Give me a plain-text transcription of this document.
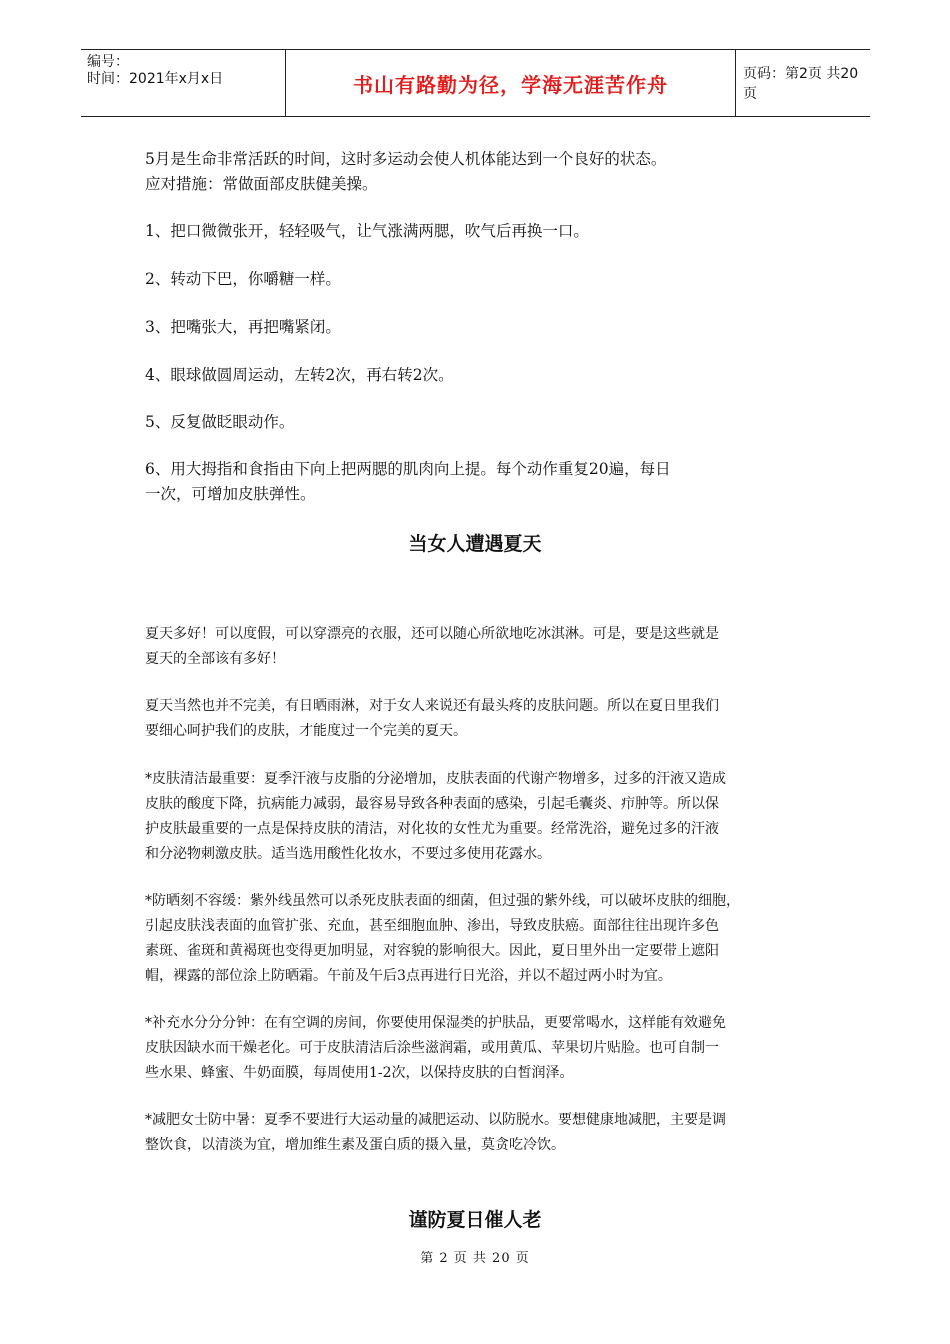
编号：
时间：2021年x月x日	书山有路勤为径，学海无涯苦作舟	页码：第2页 共20页

5月是生命非常活跃的时间，这时多运动会使人机体能达到一个良好的状态。

应对措施：常做面部皮肤健美操。

1、把口微微张开，轻轻吸气，让气涨满两腮，吹气后再换一口。

2、转动下巴，你嚼糖一样。

3、把嘴张大，再把嘴紧闭。

4、眼球做圆周运动，左转2次，再右转2次。

5、反复做眨眼动作。

6、用大拇指和食指由下向上把两腮的肌肉向上提。每个动作重复20遍，每日

一次，可增加皮肤弹性。

当女人遭遇夏天

夏天多好！可以度假，可以穿漂亮的衣服，还可以随心所欲地吃冰淇淋。可是，要是这些就是

夏天的全部该有多好！

夏天当然也并不完美，有日晒雨淋，对于女人来说还有最头疼的皮肤问题。所以在夏日里我们

要细心呵护我们的皮肤，才能度过一个完美的夏天。

*皮肤清洁最重要：夏季汗液与皮脂的分泌增加，皮肤表面的代谢产物增多，过多的汗液又造成

皮肤的酸度下降，抗病能力减弱，最容易导致各种表面的感染，引起毛囊炎、疖肿等。所以保

护皮肤最重要的一点是保持皮肤的清洁，对化妆的女性尤为重要。经常洗浴，避免过多的汗液

和分泌物刺激皮肤。适当选用酸性化妆水，不要过多使用花露水。

*防晒刻不容缓：紫外线虽然可以杀死皮肤表面的细菌，但过强的紫外线，可以破坏皮肤的细胞，

引起皮肤浅表面的血管扩张、充血，甚至细胞血肿、渗出，导致皮肤癌。面部往往出现许多色

素斑、雀斑和黄褐斑也变得更加明显，对容貌的影响很大。因此，夏日里外出一定要带上遮阳

帽，裸露的部位涂上防晒霜。午前及午后3点再进行日光浴，并以不超过两小时为宜。

*补充水分分分钟：在有空调的房间，你要使用保湿类的护肤品，更要常喝水，这样能有效避免

皮肤因缺水而干燥老化。可于皮肤清洁后涂些滋润霜，或用黄瓜、苹果切片贴脸。也可自制一

些水果、蜂蜜、牛奶面膜，每周使用1-2次，以保持皮肤的白皙润泽。

*减肥女士防中暑：夏季不要进行大运动量的减肥运动、以防脱水。要想健康地减肥，主要是调

整饮食，以清淡为宜，增加维生素及蛋白质的摄入量，莫贪吃冷饮。

谨防夏日催人老
第 2 页 共 20 页
